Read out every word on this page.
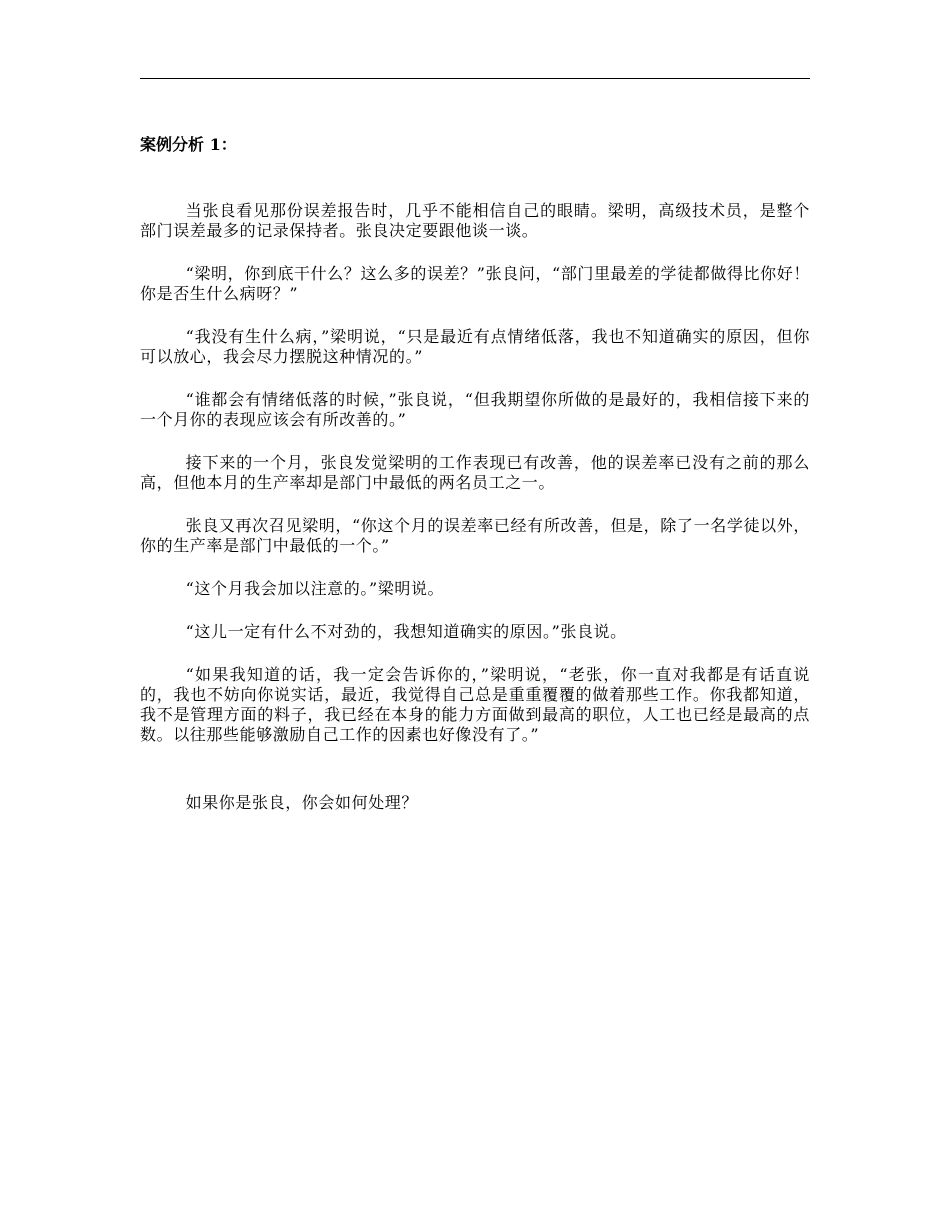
案例分析 1：

当张良看见那份误差报告时，几乎不能相信自己的眼睛。梁明，高级技术员，是整个部门误差最多的记录保持者。张良决定要跟他谈一谈。

“梁明，你到底干什么？这么多的误差？”张良问，“部门里最差的学徒都做得比你好！你是否生什么病呀？”

“我没有生什么病，”梁明说，“只是最近有点情绪低落，我也不知道确实的原因，但你可以放心，我会尽力摆脱这种情况的。”

“谁都会有情绪低落的时候，”张良说，“但我期望你所做的是最好的，我相信接下来的一个月你的表现应该会有所改善的。”

接下来的一个月，张良发觉梁明的工作表现已有改善，他的误差率已没有之前的那么高，但他本月的生产率却是部门中最低的两名员工之一。

张良又再次召见梁明，“你这个月的误差率已经有所改善，但是，除了一名学徒以外，你的生产率是部门中最低的一个。”

“这个月我会加以注意的。”梁明说。

“这儿一定有什么不对劲的，我想知道确实的原因。”张良说。

“如果我知道的话，我一定会告诉你的，”梁明说，“老张，你一直对我都是有话直说的，我也不妨向你说实话，最近，我觉得自己总是重重覆覆的做着那些工作。你我都知道，我不是管理方面的料子，我已经在本身的能力方面做到最高的职位，人工也已经是最高的点数。以往那些能够激励自己工作的因素也好像没有了。”

如果你是张良，你会如何处理？
